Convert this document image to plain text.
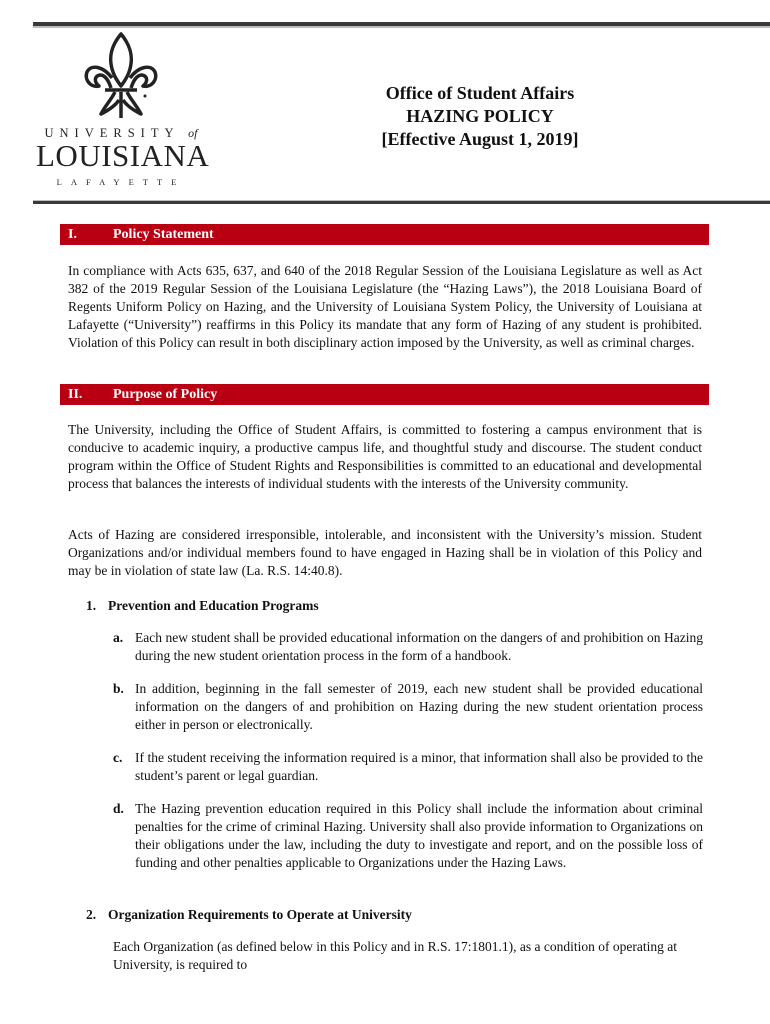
UNIVERSITY of
LOUISIANA
LAFAYETTE
Office of Student Affairs
HAZING POLICY
[Effective August 1, 2019]
I.	Policy Statement
In compliance with Acts 635, 637, and 640 of the 2018 Regular Session of the Louisiana Legislature as well as Act 382 of the 2019 Regular Session of the Louisiana Legislature (the “Hazing Laws”), the 2018 Louisiana Board of Regents Uniform Policy on Hazing, and the University of Louisiana System Policy, the University of Louisiana at Lafayette (“University”) reaffirms in this Policy its mandate that any form of Hazing of any student is prohibited. Violation of this Policy can result in both disciplinary action imposed by the University, as well as criminal charges.
II. Purpose of Policy
The University, including the Office of Student Affairs, is committed to fostering a campus environment that is conducive to academic inquiry, a productive campus life, and thoughtful study and discourse. The student conduct program within the Office of Student Rights and Responsibilities is committed to an educational and developmental process that balances the interests of individual students with the interests of the University community.
Acts of Hazing are considered irresponsible, intolerable, and inconsistent with the University’s mission. Student Organizations and/or individual members found to have engaged in Hazing shall be in violation of this Policy and may be in violation of state law (La. R.S. 14:40.8).
1. Prevention and Education Programs
a. Each new student shall be provided educational information on the dangers of and prohibition on Hazing during the new student orientation process in the form of a handbook.
b. In addition, beginning in the fall semester of 2019, each new student shall be provided educational information on the dangers of and prohibition on Hazing during the new student orientation process either in person or electronically.
c. If the student receiving the information required is a minor, that information shall also be provided to the student’s parent or legal guardian.
d. The Hazing prevention education required in this Policy shall include the information about criminal penalties for the crime of criminal Hazing. University shall also provide information to Organizations on their obligations under the law, including the duty to investigate and report, and on the possible loss of funding and other penalties applicable to Organizations under the Hazing Laws.
2. Organization Requirements to Operate at University
Each Organization (as defined below in this Policy and in R.S. 17:1801.1), as a condition of operating at University, is required to
